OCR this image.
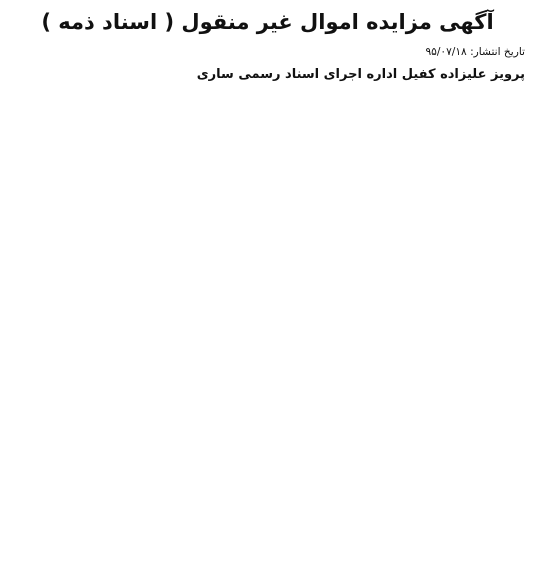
آگهی مزایده اموال غیر منقول ( اسناد ذمه )

تاریخ انتشار: ۹۵/۰۷/۱۸
پرویز علیزاده کفیل اداره اجرای اسناد رسمی ساری
